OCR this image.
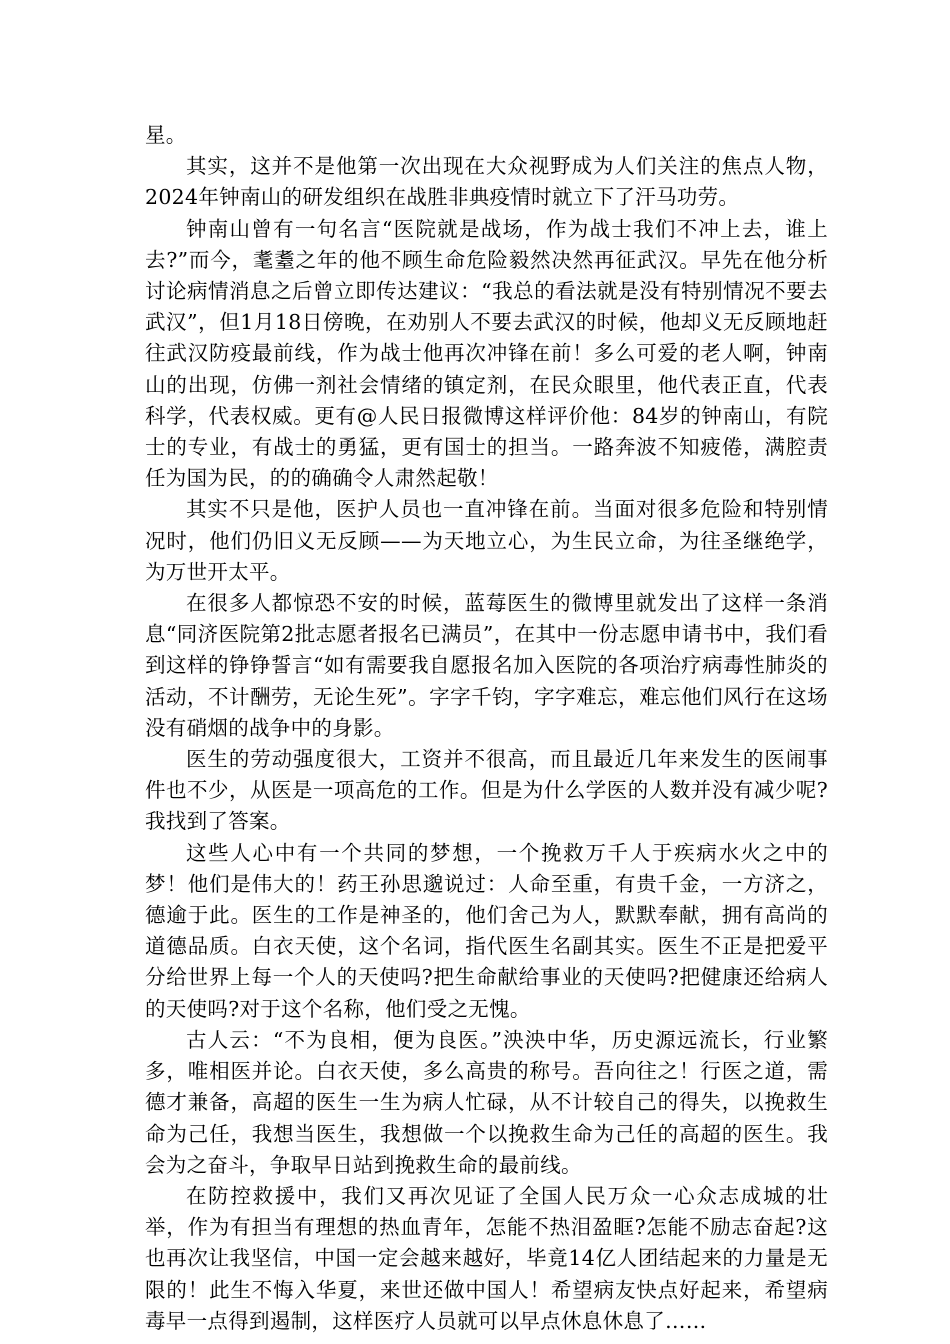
星。

其实，这并不是他第一次出现在大众视野成为人们关注的焦点人物，2024年钟南山的研发组织在战胜非典疫情时就立下了汗马功劳。

钟南山曾有一句名言“医院就是战场，作为战士我们不冲上去，谁上去?”而今，耄耋之年的他不顾生命危险毅然决然再征武汉。早先在他分析讨论病情消息之后曾立即传达建议：“我总的看法就是没有特别情况不要去武汉”，但1月18日傍晚，在劝别人不要去武汉的时候，他却义无反顾地赶往武汉防疫最前线，作为战士他再次冲锋在前！多么可爱的老人啊，钟南山的出现，仿佛一剂社会情绪的镇定剂，在民众眼里，他代表正直，代表科学，代表权威。更有@人民日报微博这样评价他：84岁的钟南山，有院士的专业，有战士的勇猛，更有国士的担当。一路奔波不知疲倦，满腔责任为国为民，的的确确令人肃然起敬！

其实不只是他，医护人员也一直冲锋在前。当面对很多危险和特别情况时，他们仍旧义无反顾——为天地立心，为生民立命，为往圣继绝学，为万世开太平。

在很多人都惊恐不安的时候，蓝莓医生的微博里就发出了这样一条消息“同济医院第2批志愿者报名已满员”，在其中一份志愿申请书中，我们看到这样的铮铮誓言“如有需要我自愿报名加入医院的各项治疗病毒性肺炎的活动，不计酬劳，无论生死”。字字千钧，字字难忘，难忘他们风行在这场没有硝烟的战争中的身影。

医生的劳动强度很大，工资并不很高，而且最近几年来发生的医闹事件也不少，从医是一项高危的工作。但是为什么学医的人数并没有减少呢?我找到了答案。

这些人心中有一个共同的梦想，一个挽救万千人于疾病水火之中的梦！他们是伟大的！药王孙思邈说过：人命至重，有贵千金，一方济之，德逾于此。医生的工作是神圣的，他们舍己为人，默默奉献，拥有高尚的道德品质。白衣天使，这个名词，指代医生名副其实。医生不正是把爱平分给世界上每一个人的天使吗?把生命献给事业的天使吗?把健康还给病人的天使吗?对于这个名称，他们受之无愧。

古人云：“不为良相，便为良医。”泱泱中华，历史源远流长，行业繁多，唯相医并论。白衣天使，多么高贵的称号。吾向往之！行医之道，需德才兼备，高超的医生一生为病人忙碌，从不计较自己的得失，以挽救生命为己任，我想当医生，我想做一个以挽救生命为己任的高超的医生。我会为之奋斗，争取早日站到挽救生命的最前线。

在防控救援中，我们又再次见证了全国人民万众一心众志成城的壮举，作为有担当有理想的热血青年，怎能不热泪盈眶?怎能不励志奋起?这也再次让我坚信，中国一定会越来越好，毕竟14亿人团结起来的力量是无限的！此生不悔入华夏，来世还做中国人！希望病友快点好起来，希望病毒早一点得到遏制，这样医疗人员就可以早点休息休息了……
